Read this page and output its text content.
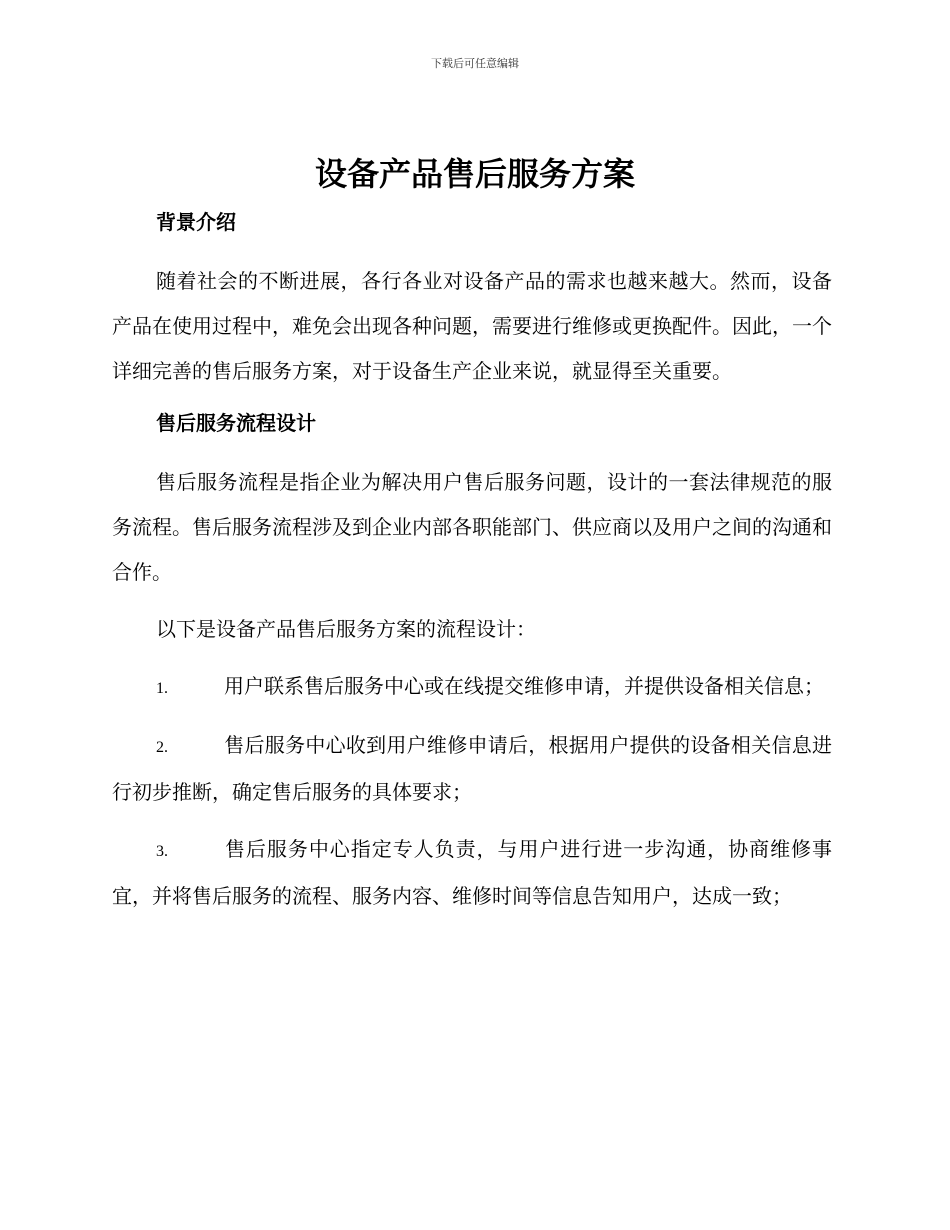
下载后可任意编辑
设备产品售后服务方案
背景介绍

随着社会的不断进展，各行各业对设备产品的需求也越来越大。然而，设备产品在使用过程中，难免会出现各种问题，需要进行维修或更换配件。因此，一个详细完善的售后服务方案，对于设备生产企业来说，就显得至关重要。

售后服务流程设计

售后服务流程是指企业为解决用户售后服务问题，设计的一套法律规范的服务流程。售后服务流程涉及到企业内部各职能部门、供应商以及用户之间的沟通和合作。

以下是设备产品售后服务方案的流程设计：

1.	用户联系售后服务中心或在线提交维修申请，并提供设备相关信息；

2.	售后服务中心收到用户维修申请后，根据用户提供的设备相关信息进行初步推断，确定售后服务的具体要求；

3.	售后服务中心指定专人负责，与用户进行进一步沟通，协商维修事宜，并将售后服务的流程、服务内容、维修时间等信息告知用户，达成一致；
